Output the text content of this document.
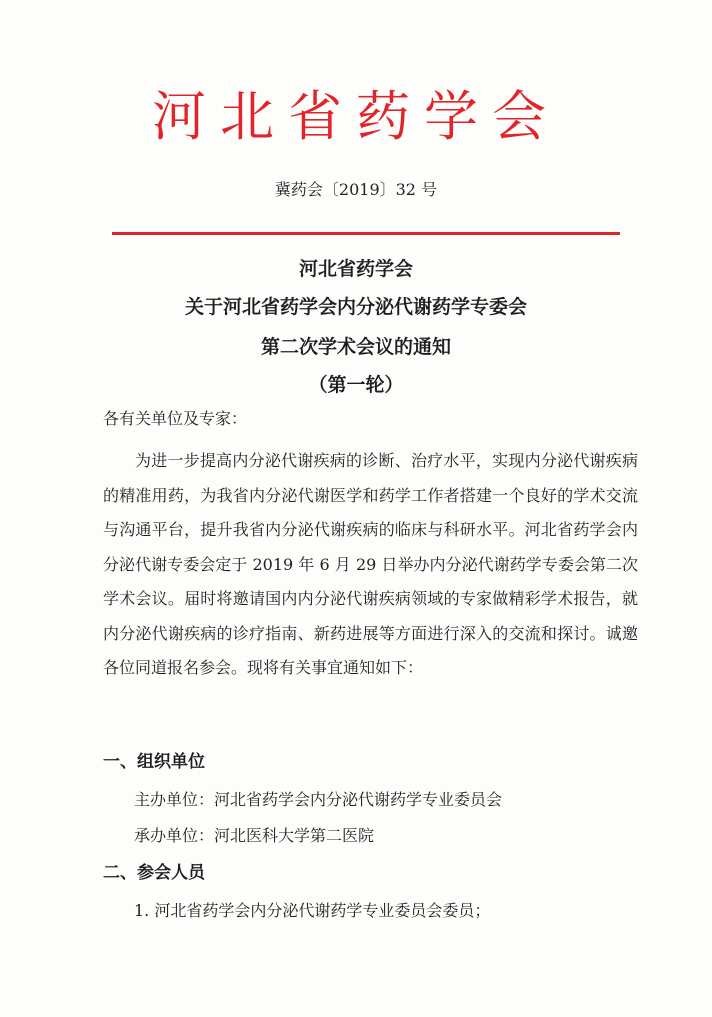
河北省药学会
冀药会〔2019〕32 号
河北省药学会
关于河北省药学会内分泌代谢药学专委会
第二次学术会议的通知
（第一轮）
各有关单位及专家：

为进一步提高内分泌代谢疾病的诊断、治疗水平，实现内分泌代谢疾病的精准用药，为我省内分泌代谢医学和药学工作者搭建一个良好的学术交流与沟通平台，提升我省内分泌代谢疾病的临床与科研水平。河北省药学会内分泌代谢专委会定于 2019 年 6 月 29 日举办内分泌代谢药学专委会第二次学术会议。届时将邀请国内内分泌代谢疾病领域的专家做精彩学术报告，就内分泌代谢疾病的诊疗指南、新药进展等方面进行深入的交流和探讨。诚邀各位同道报名参会。现将有关事宜通知如下：

一、组织单位
主办单位：河北省药学会内分泌代谢药学专业委员会
承办单位：河北医科大学第二医院
二、参会人员
1. 河北省药学会内分泌代谢药学专业委员会委员；
